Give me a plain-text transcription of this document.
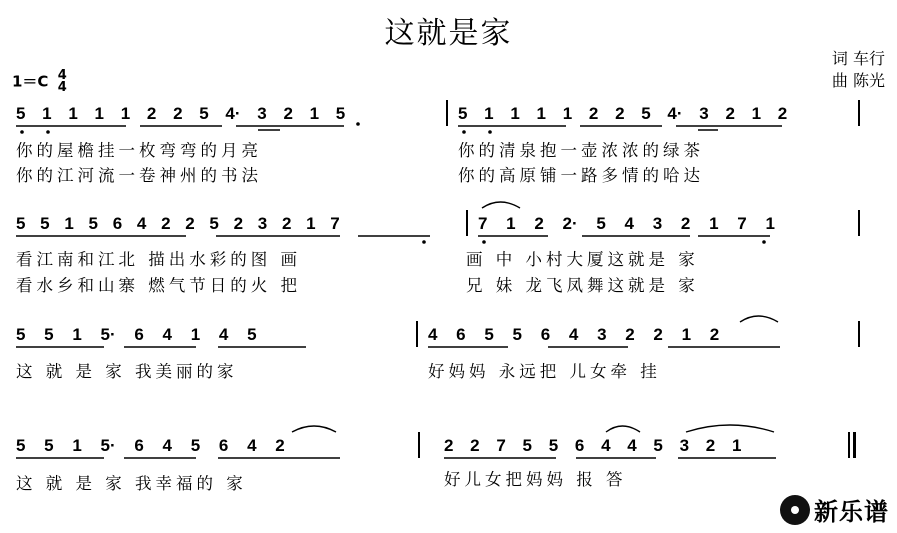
这就是家
词 车行
曲 陈光
1＝C 4
4
5 1 1 1 1 2 2 5 4· 3 2 1 5	5 1 1 1 1 2 2 5 4· 3 2 1 2
你的屋檐挂一枚弯弯的月亮	你的清泉抱一壶浓浓的绿茶
你的江河流一卷神州的书法	你的高原铺一路多情的哈达
5 5 1 5 6 4 2 2 5 2 3 2 1 7	7 1 2 2· 5 4 3 2 1 7 1
看江南和江北 描出水彩的图 画	画 中 小村大厦这就是 家
看水乡和山寨 燃气节日的火 把	兄 妹 龙飞凤舞这就是 家
5 5 1 5· 6 4 1 4 5	4 6 5 5 6 4 3 2 2 1 2
这 就 是 家 我美丽的家	好妈妈 永远把 儿女牵 挂
5 5 1 5· 6 4 5 6 4 2	2 2 7 5 5 6 4 4 5 3 2 1
这 就 是 家 我幸福的 家	好儿女把妈妈 报 答
新乐谱
